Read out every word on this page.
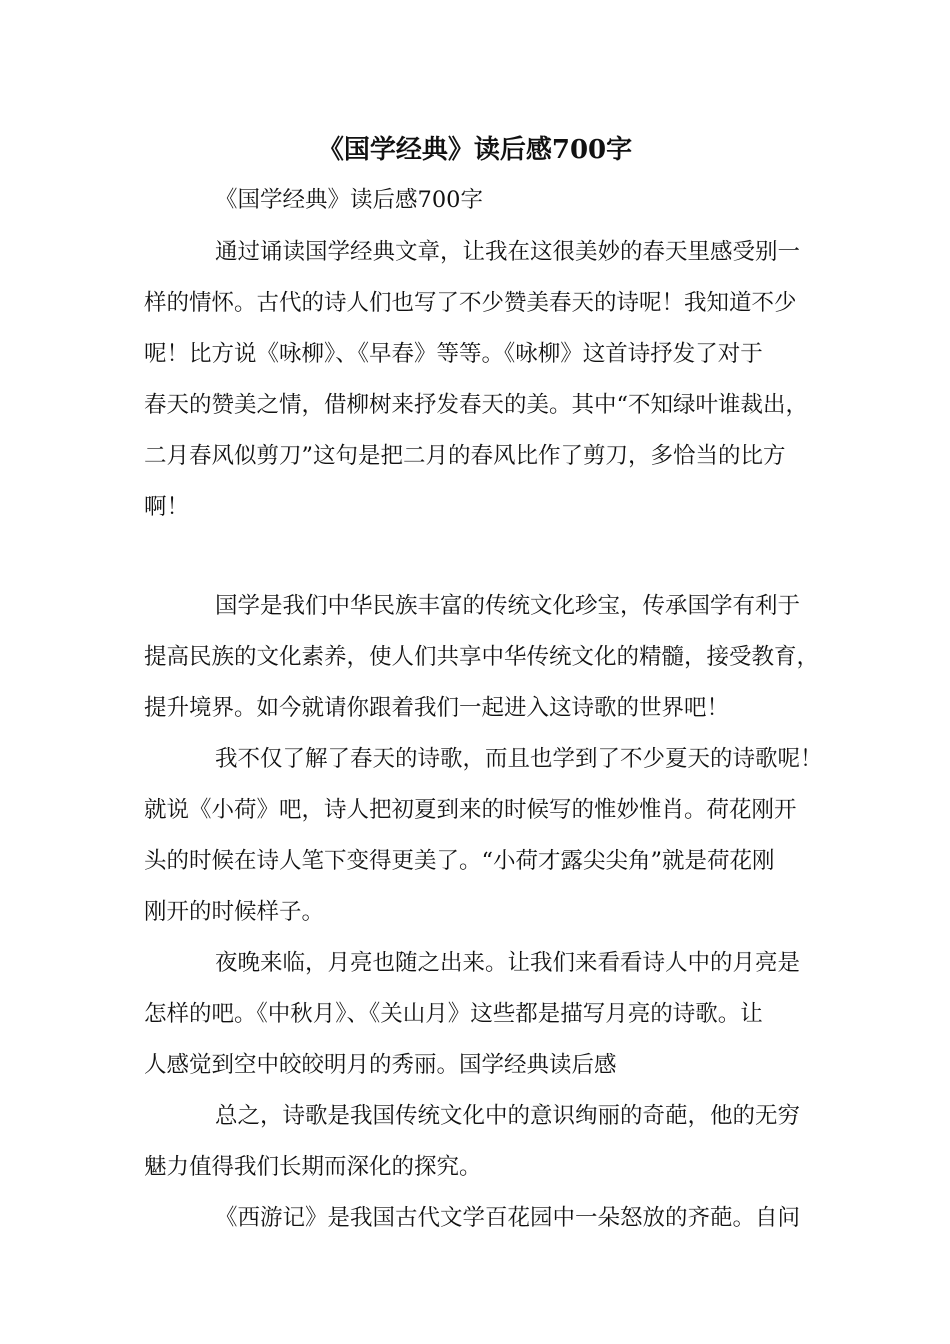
《国学经典》读后感700字
《国学经典》读后感700字
通过诵读国学经典文章，让我在这很美妙的春天里感受别一
样的情怀。古代的诗人们也写了不少赞美春天的诗呢！我知道不少
呢！比方说《咏柳》、《早春》等等。《咏柳》这首诗抒发了对于
春天的赞美之情，借柳树来抒发春天的美。其中“不知绿叶谁裁出，
二月春风似剪刀”这句是把二月的春风比作了剪刀，多恰当的比方
啊！
国学是我们中华民族丰富的传统文化珍宝，传承国学有利于
提高民族的文化素养，使人们共享中华传统文化的精髓，接受教育，
提升境界。如今就请你跟着我们一起进入这诗歌的世界吧！
我不仅了解了春天的诗歌，而且也学到了不少夏天的诗歌呢！
就说《小荷》吧，诗人把初夏到来的时候写的惟妙惟肖。荷花刚开
头的时候在诗人笔下变得更美了。“小荷才露尖尖角”就是荷花刚
刚开的时候样子。
夜晚来临，月亮也随之出来。让我们来看看诗人中的月亮是
怎样的吧。《中秋月》、《关山月》这些都是描写月亮的诗歌。让
人感觉到空中皎皎明月的秀丽。国学经典读后感
总之，诗歌是我国传统文化中的意识绚丽的奇葩，他的无穷
魅力值得我们长期而深化的探究。
《西游记》是我国古代文学百花园中一朵怒放的齐葩。自问
